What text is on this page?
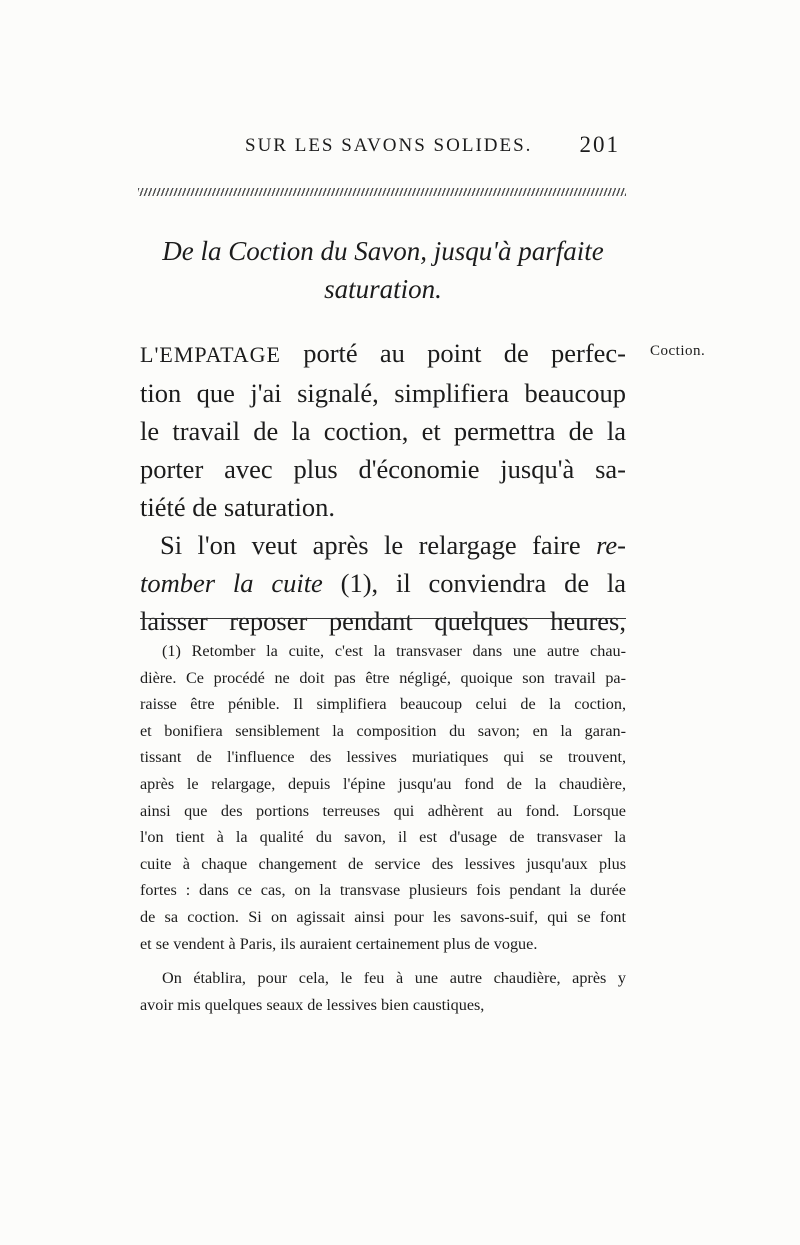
SUR LES SAVONS SOLIDES. 201
De la Coction du Savon, jusqu'à parfaite
saturation.
Coction.

L'EMPATAGE porté au point de perfec-
tion que j'ai signalé, simplifiera beaucoup
le travail de la coction, et permettra de la
porter avec plus d'économie jusqu'à sa-
tiété de saturation.

Si l'on veut après le relargage faire re-
tomber la cuite (1), il conviendra de la
laisser reposer pendant quelques heures,

(1) Retomber la cuite, c'est la transvaser dans une autre chau-
dière. Ce procédé ne doit pas être négligé, quoique son travail pa-
raisse être pénible. Il simplifiera beaucoup celui de la coction,
et bonifiera sensiblement la composition du savon; en la garan-
tissant de l'influence des lessives muriatiques qui se trouvent,
après le relargage, depuis l'épine jusqu'au fond de la chaudière,
ainsi que des portions terreuses qui adhèrent au fond. Lorsque
l'on tient à la qualité du savon, il est d'usage de transvaser la
cuite à chaque changement de service des lessives jusqu'aux plus
fortes : dans ce cas, on la transvase plusieurs fois pendant la durée
de sa coction. Si on agissait ainsi pour les savons-suif, qui se font
et se vendent à Paris, ils auraient certainement plus de vogue.
On établira, pour cela, le feu à une autre chaudière, après y
avoir mis quelques seaux de lessives bien caustiques,
